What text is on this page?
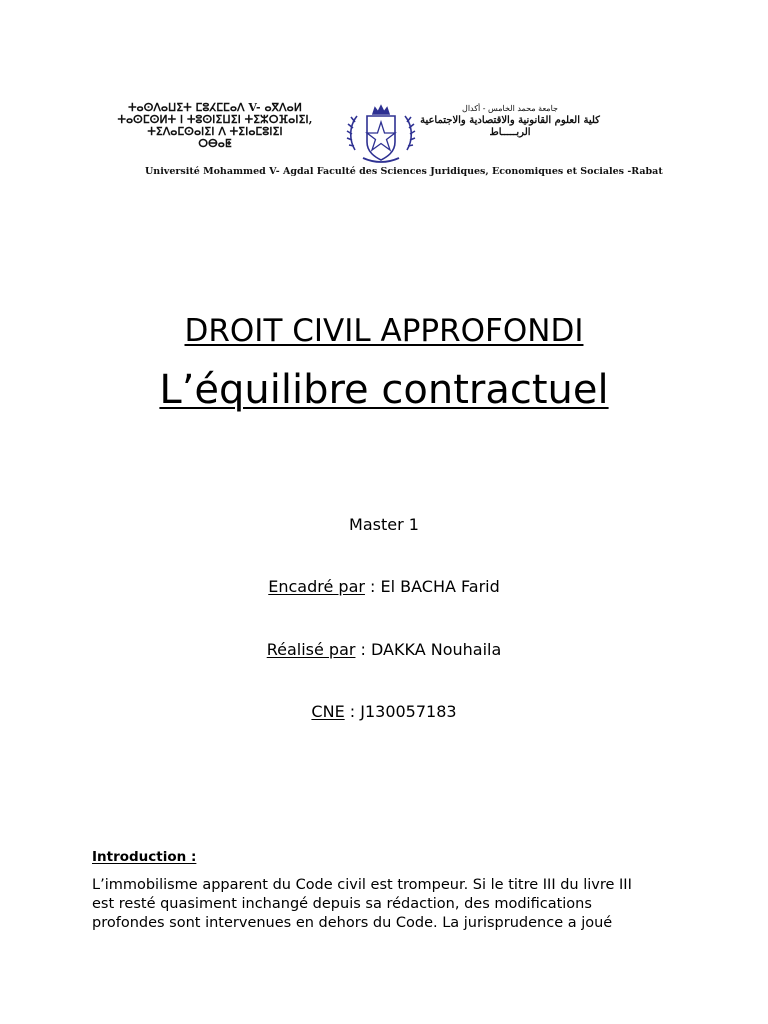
ⵜⴰⵙⴷⴰⵡⵉⵜ ⵎⵓⵃⵎⵎⴰⴷ V- ⴰⴳⴷⴰⵍ
ⵜⴰⵙⵎⵙⵍⵜ ⵏ ⵜⵓⵙⵏⵉⵡⵉⵏ ⵜⵉⵣⵔⴼⴰⵏⵉⵏ,
ⵜⵉⴷⴰⵎⵙⴰⵏⵉⵏ ⴷ ⵜⵉⵏⴰⵎⵓⵏⵉⵏ
ⵔⴱⴰⵟ
جامعة محمد الخامس - أكدال
كلية العلوم القانونية والاقتصادية والاجتماعية
الربـــــاط
Université Mohammed V- Agdal Faculté des Sciences Juridiques, Economiques et Sociales -Rabat
DROIT CIVIL APPROFONDI
L’équilibre contractuel
Master 1
Encadré par : El BACHA Farid
Réalisé par : DAKKA Nouhaila
CNE : J130057183
Introduction :
L’immobilisme apparent du Code civil est trompeur. Si le titre III du livre III
est resté quasiment inchangé depuis sa rédaction, des modifications
profondes sont intervenues en dehors du Code. La jurisprudence a joué
